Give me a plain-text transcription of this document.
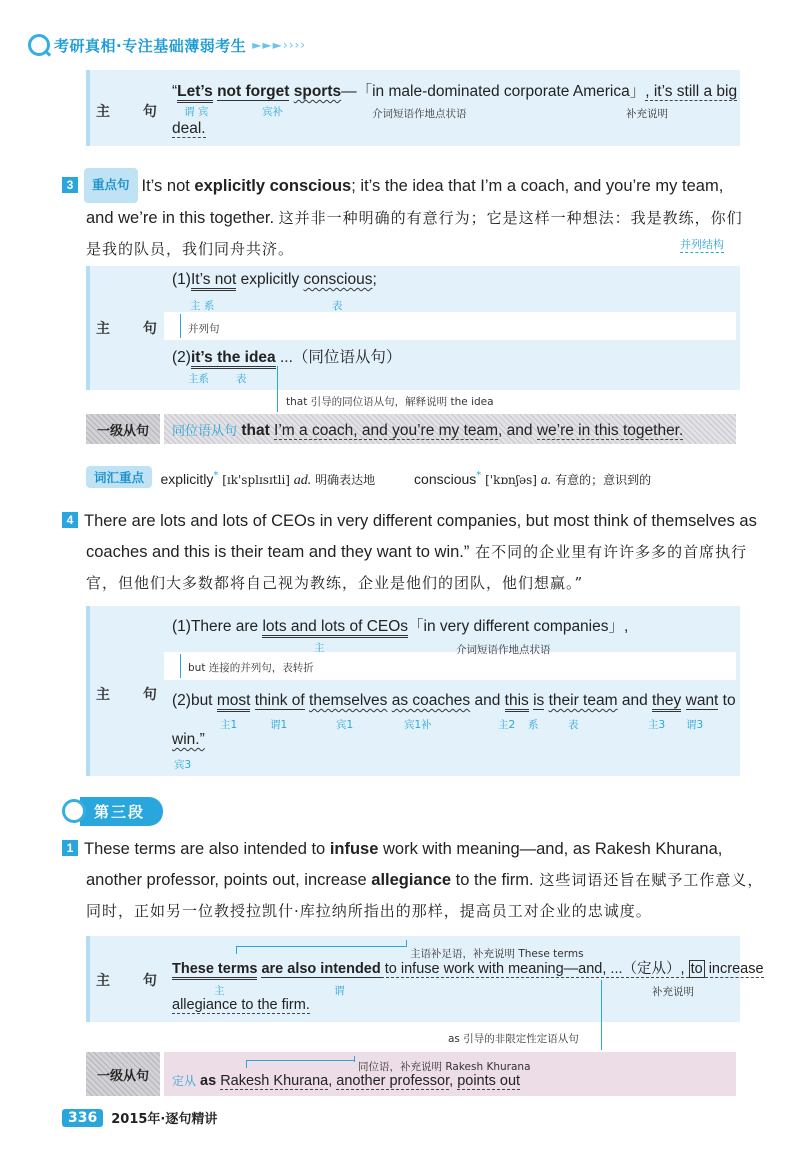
考研真相·专注基础薄弱考生 ►►►››››
主 句
“Let’s not forget sports—「in male-dominated corporate America」, it’s still a big
deal.
谓 宾	宾补	介词短语作地点状语	补充说明
3 重点句 It’s not explicitly conscious; it’s the idea that I’m a coach, and you’re my team,
and we’re in this together. 这并非一种明确的有意行为；它是这样一种想法：我是教练，你们
是我的队员，我们同舟共济。	并列结构
主 句
(1)It’s not explicitly conscious;
主 系	表
并列句
(2)it’s the idea ...（同位语从句）
主系	表
that 引导的同位语从句，解释说明 the idea
一级从句	同位语从句 that I’m a coach, and you’re my team, and we’re in this together.
词汇重点 explicitly* [ɪk'splɪsɪtli] ad. 明确表达地	conscious* ['kɒnʃəs] a. 有意的；意识到的
4 There are lots and lots of CEOs in very different companies, but most think of themselves as
coaches and this is their team and they want to win.” 在不同的企业里有许许多多的首席执行
官，但他们大多数都将自己视为教练，企业是他们的团队，他们想赢。”
主 句
(1)There are lots and lots of CEOs「in very different companies」,
主	介词短语作地点状语
but 连接的并列句，表转折
(2)but most think of themselves as coaches and this is their team and they want to
主1	谓1	宾1	宾1补	主2 系	表	主3 谓3
win.”
宾3
第三段
1 These terms are also intended to infuse work with meaning—and, as Rakesh Khurana,
another professor, points out, increase allegiance to the firm. 这些词语还旨在赋予工作意义，
同时，正如另一位教授拉凯什·库拉纳所指出的那样，提高员工对企业的忠诚度。
主 句
主语补足语，补充说明 These terms
These terms are also intended to infuse work with meaning—and, ...（定从）, to increase
主	谓	补充说明
allegiance to the firm.
as 引导的非限定性定语从句
一级从句
同位语，补充说明 Rakesh Khurana
定从 as Rakesh Khurana, another professor, points out
336	2015年·逐句精讲
